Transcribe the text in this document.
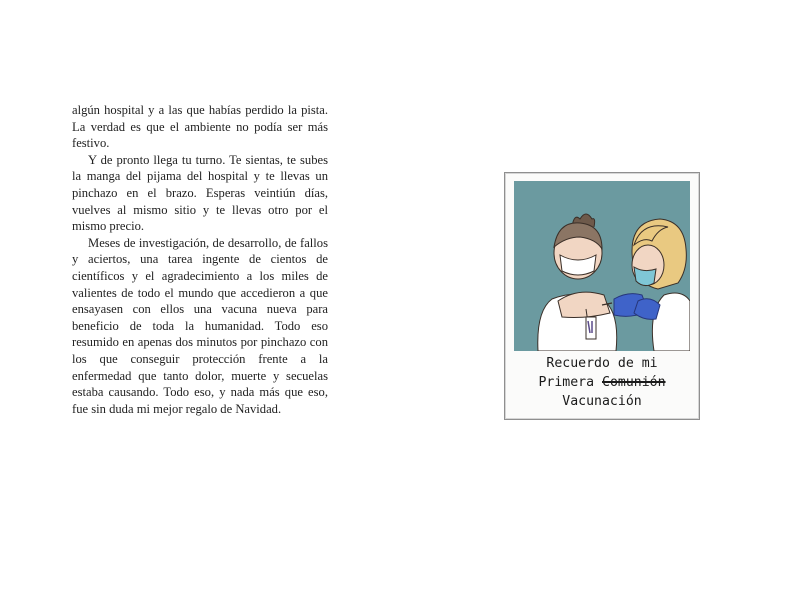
algún hospital y a las que habías perdido la pista. La verdad es que el ambiente no podía ser más festivo.

Y de pronto llega tu turno. Te sientas, te subes la manga del pijama del hospital y te llevas un pinchazo en el brazo. Esperas veintiún días, vuelves al mismo sitio y te llevas otro por el mismo precio.

Meses de investigación, de desarrollo, de fallos y aciertos, una tarea ingente de cientos de científicos y el agradecimiento a los miles de valientes de todo el mundo que accedieron a que ensayasen con ellos una vacuna nueva para beneficio de toda la humanidad. Todo eso resumido en apenas dos minutos por pinchazo con los que conseguir protección frente a la enfermedad que tanto dolor, muerte y secuelas estaba causando. Todo eso, y nada más que eso, fue sin duda mi mejor regalo de Navidad.

Recuerdo de mi
Primera Comunión
Vacunación
